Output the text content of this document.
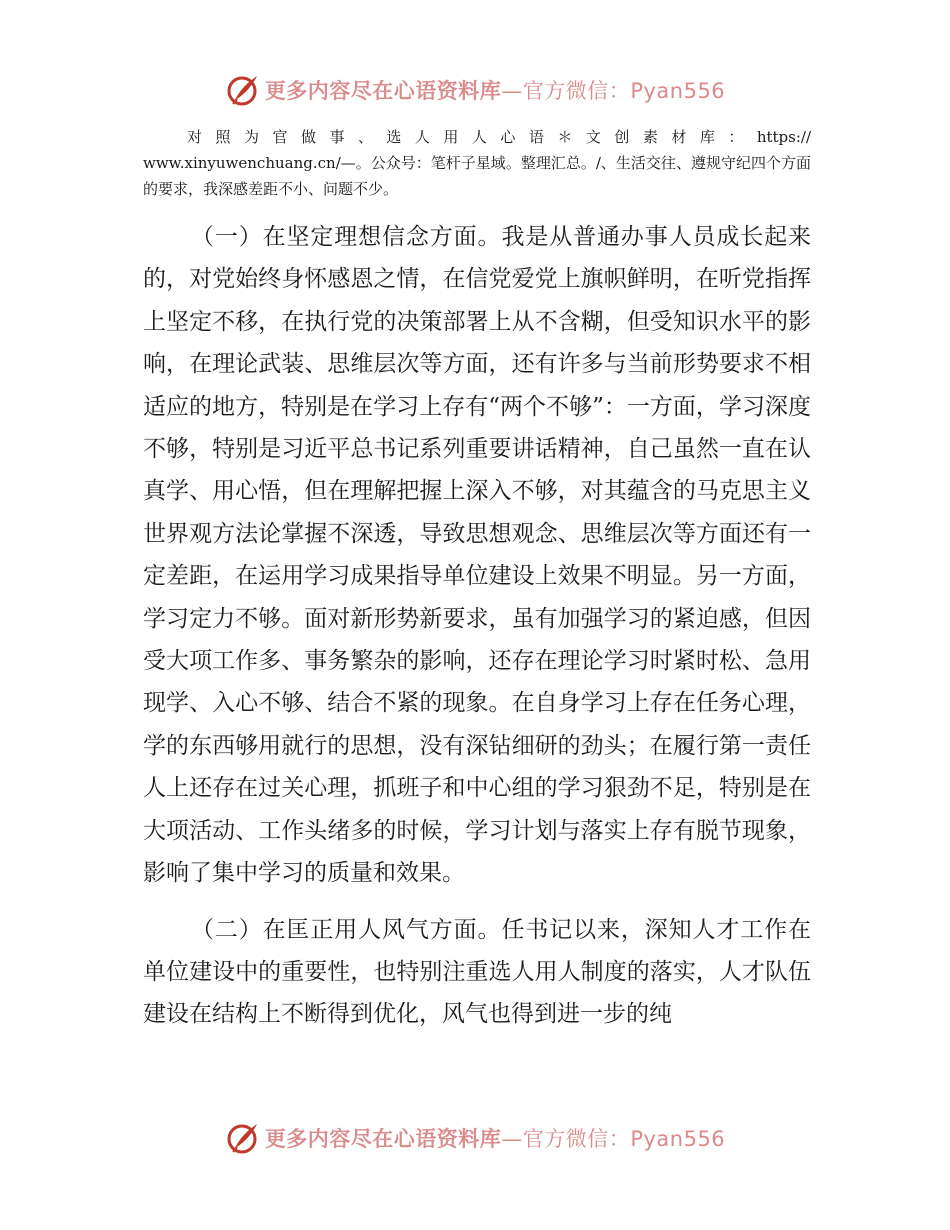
更多内容尽在心语资料库—官方微信：Pyan556
对照为官做事、选人用人心语＊文创素材库：https://
www.xinyuwenchuang.cn/—。公众号：笔杆子星域。整理汇总。/、生活交往、遵规守纪四个方面的要求，我深感差距不小、问题不少。

（一）在坚定理想信念方面。我是从普通办事人员成长起来的，对党始终身怀感恩之情，在信党爱党上旗帜鲜明，在听党指挥上坚定不移，在执行党的决策部署上从不含糊，但受知识水平的影响，在理论武装、思维层次等方面，还有许多与当前形势要求不相适应的地方，特别是在学习上存有“两个不够”：一方面，学习深度不够，特别是习近平总书记系列重要讲话精神，自己虽然一直在认真学、用心悟，但在理解把握上深入不够，对其蕴含的马克思主义世界观方法论掌握不深透，导致思想观念、思维层次等方面还有一定差距，在运用学习成果指导单位建设上效果不明显。另一方面，学习定力不够。面对新形势新要求，虽有加强学习的紧迫感，但因受大项工作多、事务繁杂的影响，还存在理论学习时紧时松、急用现学、入心不够、结合不紧的现象。在自身学习上存在任务心理，学的东西够用就行的思想，没有深钻细研的劲头；在履行第一责任人上还存在过关心理，抓班子和中心组的学习狠劲不足，特别是在大项活动、工作头绪多的时候，学习计划与落实上存有脱节现象，影响了集中学习的质量和效果。

（二）在匡正用人风气方面。任书记以来，深知人才工作在单位建设中的重要性，也特别注重选人用人制度的落实，人才队伍建设在结构上不断得到优化，风气也得到进一步的纯

更多内容尽在心语资料库—官方微信：Pyan556
